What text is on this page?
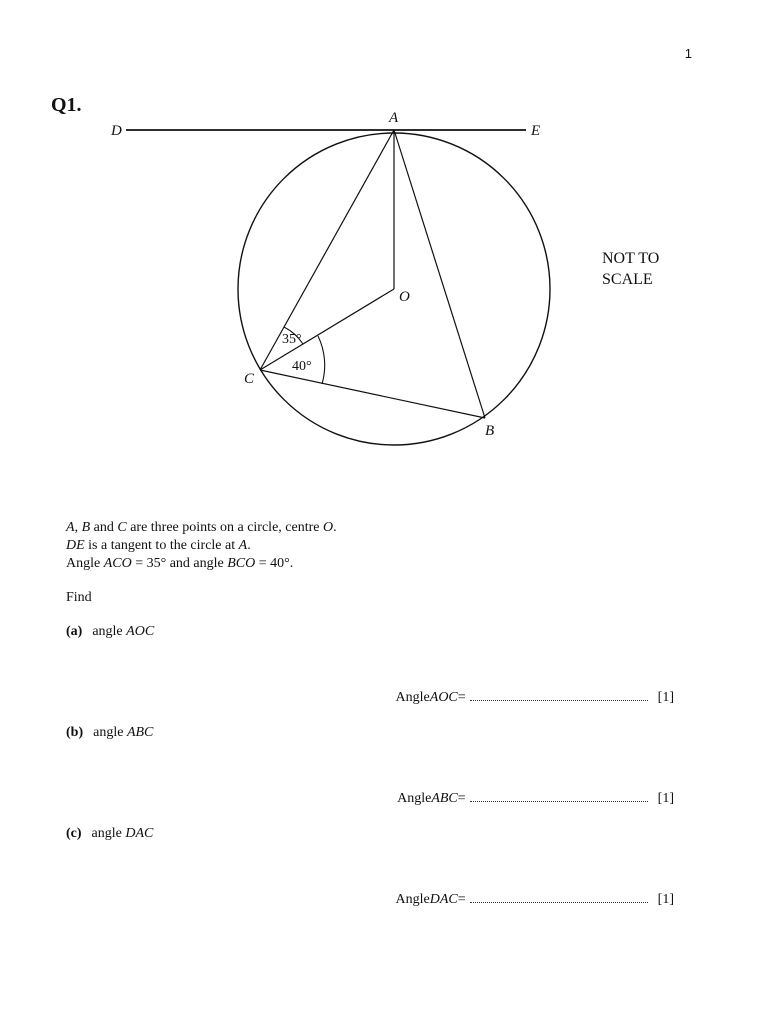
1
Q1.
A
D	E
O
C
B
35°
40°
NOT TO
SCALE
A, B and C are three points on a circle, centre O.
DE is a tangent to the circle at A.
Angle ACO = 35° and angle BCO = 40°.
Find
(a) angle AOC
Angle AOC =	[1]
(b) angle ABC
Angle ABC =	[1]
(c) angle DAC
Angle DAC =	[1]
